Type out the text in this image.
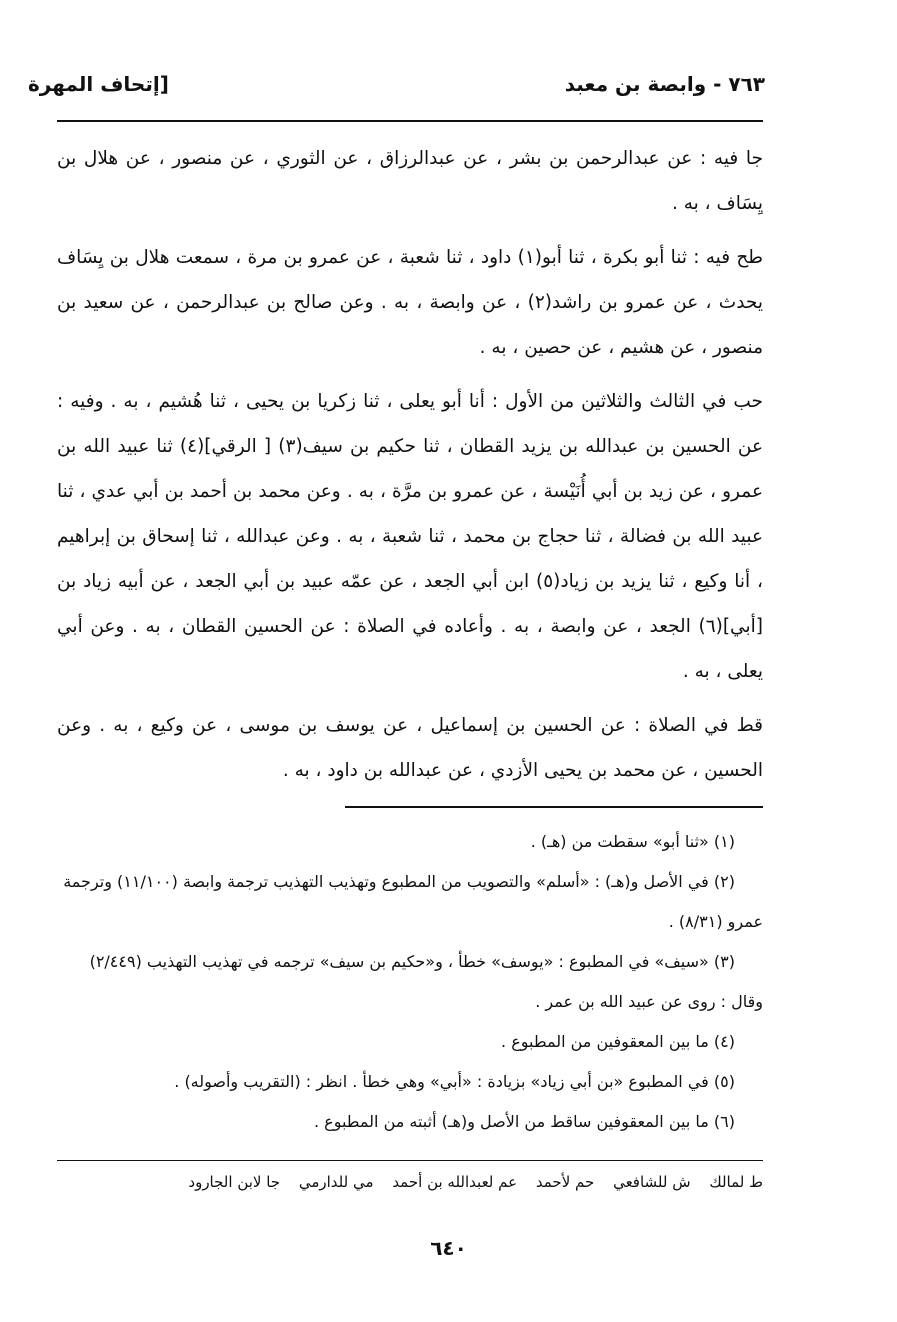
٧٦٣ - وابصة بن معبد
[إتحاف المهرة

جا فيه : عن عبدالرحمن بن بشر ، عن عبدالرزاق ، عن الثوري ، عن منصور ، عن هلال بن يِسَاف ، به .

طح فيه : ثنا أبو بكرة ، ثنا أبو(١) داود ، ثنا شعبة ، عن عمرو بن مرة ، سمعت هلال بن يِسَاف يحدث ، عن عمرو بن راشد(٢) ، عن وابصة ، به . وعن صالح بن عبدالرحمن ، عن سعيد بن منصور ، عن هشيم ، عن حصين ، به .

حب في الثالث والثلاثين من الأول : أنا أبو يعلى ، ثنا زكريا بن يحيى ، ثنا هُشيم ، به . وفيه : عن الحسين بن عبدالله بن يزيد القطان ، ثنا حكيم بن سيف(٣) [ الرقي](٤) ثنا عبيد الله بن عمرو ، عن زيد بن أبي أُنَيْسة ، عن عمرو بن مرَّة ، به . وعن محمد بن أحمد بن أبي عدي ، ثنا عبيد الله بن فضالة ، ثنا حجاج بن محمد ، ثنا شعبة ، به . وعن عبدالله ، ثنا إسحاق بن إبراهيم ، أنا وكيع ، ثنا يزيد بن زياد(٥) ابن أبي الجعد ، عن عمّه عبيد بن أبي الجعد ، عن أبيه زياد بن [أبي](٦) الجعد ، عن وابصة ، به . وأعاده في الصلاة : عن الحسين القطان ، به . وعن أبي يعلى ، به .

قط في الصلاة : عن الحسين بن إسماعيل ، عن يوسف بن موسى ، عن وكيع ، به . وعن الحسين ، عن محمد بن يحيى الأزدي ، عن عبدالله بن داود ، به .

(١) «ثنا أبو» سقطت من (هـ) .

(٢) في الأصل و(هـ) : «أسلم» والتصويب من المطبوع وتهذيب التهذيب ترجمة وابصة (١١/١٠٠) وترجمة عمرو (٨/٣١) .

(٣) «سيف» في المطبوع : «يوسف» خطأ ، و«حكيم بن سيف» ترجمه في تهذيب التهذيب (٢/٤٤٩) وقال : روى عن عبيد الله بن عمر .

(٤) ما بين المعقوفين من المطبوع .

(٥) في المطبوع «بن أبي زياد» بزيادة : «أبي» وهي خطأ . انظر : (التقريب وأصوله) .

(٦) ما بين المعقوفين ساقط من الأصل و(هـ) أثبته من المطبوع .

ط لمالك ش للشافعي حم لأحمد عم لعبدالله بن أحمد مي للدارمي جا لابن الجارود
٦٤٠
